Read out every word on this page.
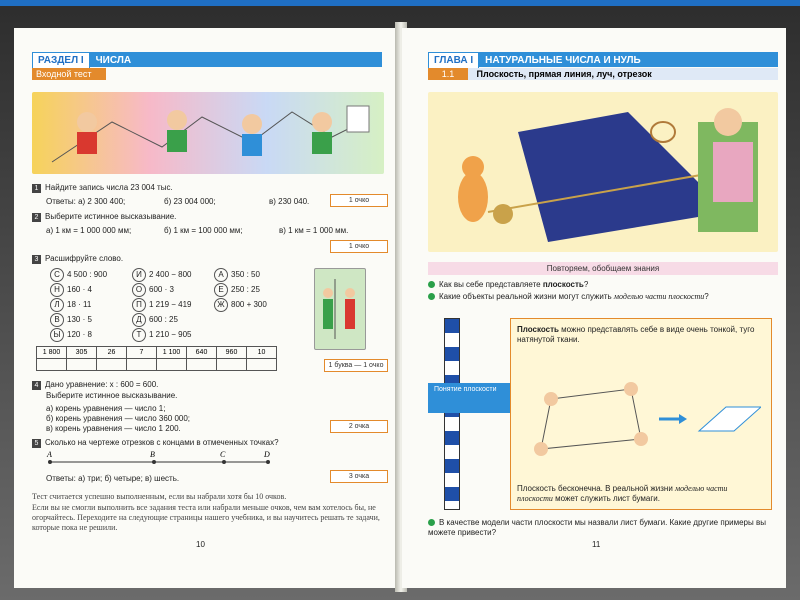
РАЗДЕЛ I ЧИСЛА
Входной тест
1 Найдите запись числа 23 004 тыс.
Ответы: а) 2 300 400;	б) 23 004 000;	в) 230 040.	1 очко
2 Выберите истинное высказывание.
а) 1 км = 1 000 000 мм;	б) 1 км = 100 000 мм;	в) 1 км = 1 000 мм.
1 очко
3 Расшифруйте слово.
С 4 500 : 900
Н 160 · 4
Л 18 · 11
В 130 · 5
Ы 120 · 8
И 2 400 − 800
О 600 · 3
П 1 219 − 419
Д 600 : 25
Т 1 210 − 905
А 350 : 50
Е 250 : 25
Ж 800 + 300
1 800	305	26	7	1 100	640	960	10

1 буква — 1 очко
4 Дано уравнение: x : 600 = 600.
Выберите истинное высказывание.
а) корень уравнения — число 1;
б) корень уравнения — число 360 000;
в) корень уравнения — число 1 200.	2 очка
5 Сколько на чертеже отрезков с концами в отмеченных точках?
A	B	C	D
Ответы: а) три; б) четыре; в) шесть.	3 очка
Тест считается успешно выполненным, если вы набрали хотя бы 10 очков.
Если вы не смогли выполнить все задания теста или набрали меньше очков, чем вам хотелось бы, не огорчайтесь. Переходите на следующие страницы нашего учебника, и вы научитесь решать те задачи, которые пока не решили.
10
ГЛАВА I НАТУРАЛЬНЫЕ ЧИСЛА И НУЛЬ
1.1 Плоскость, прямая линия, луч, отрезок
Повторяем, обобщаем знания
Как вы себе представляете плоскость?
Какие объекты реальной жизни могут служить моделью части плоскости?
Понятие плоскости
Плоскость можно представлять себе в виде очень тонкой, туго натянутой ткани.
Плоскость бесконечна. В реальной жизни моделью части плоскости может служить лист бумаги.
В качестве модели части плоскости мы назвали лист бумаги. Какие другие примеры вы можете привести?
11
